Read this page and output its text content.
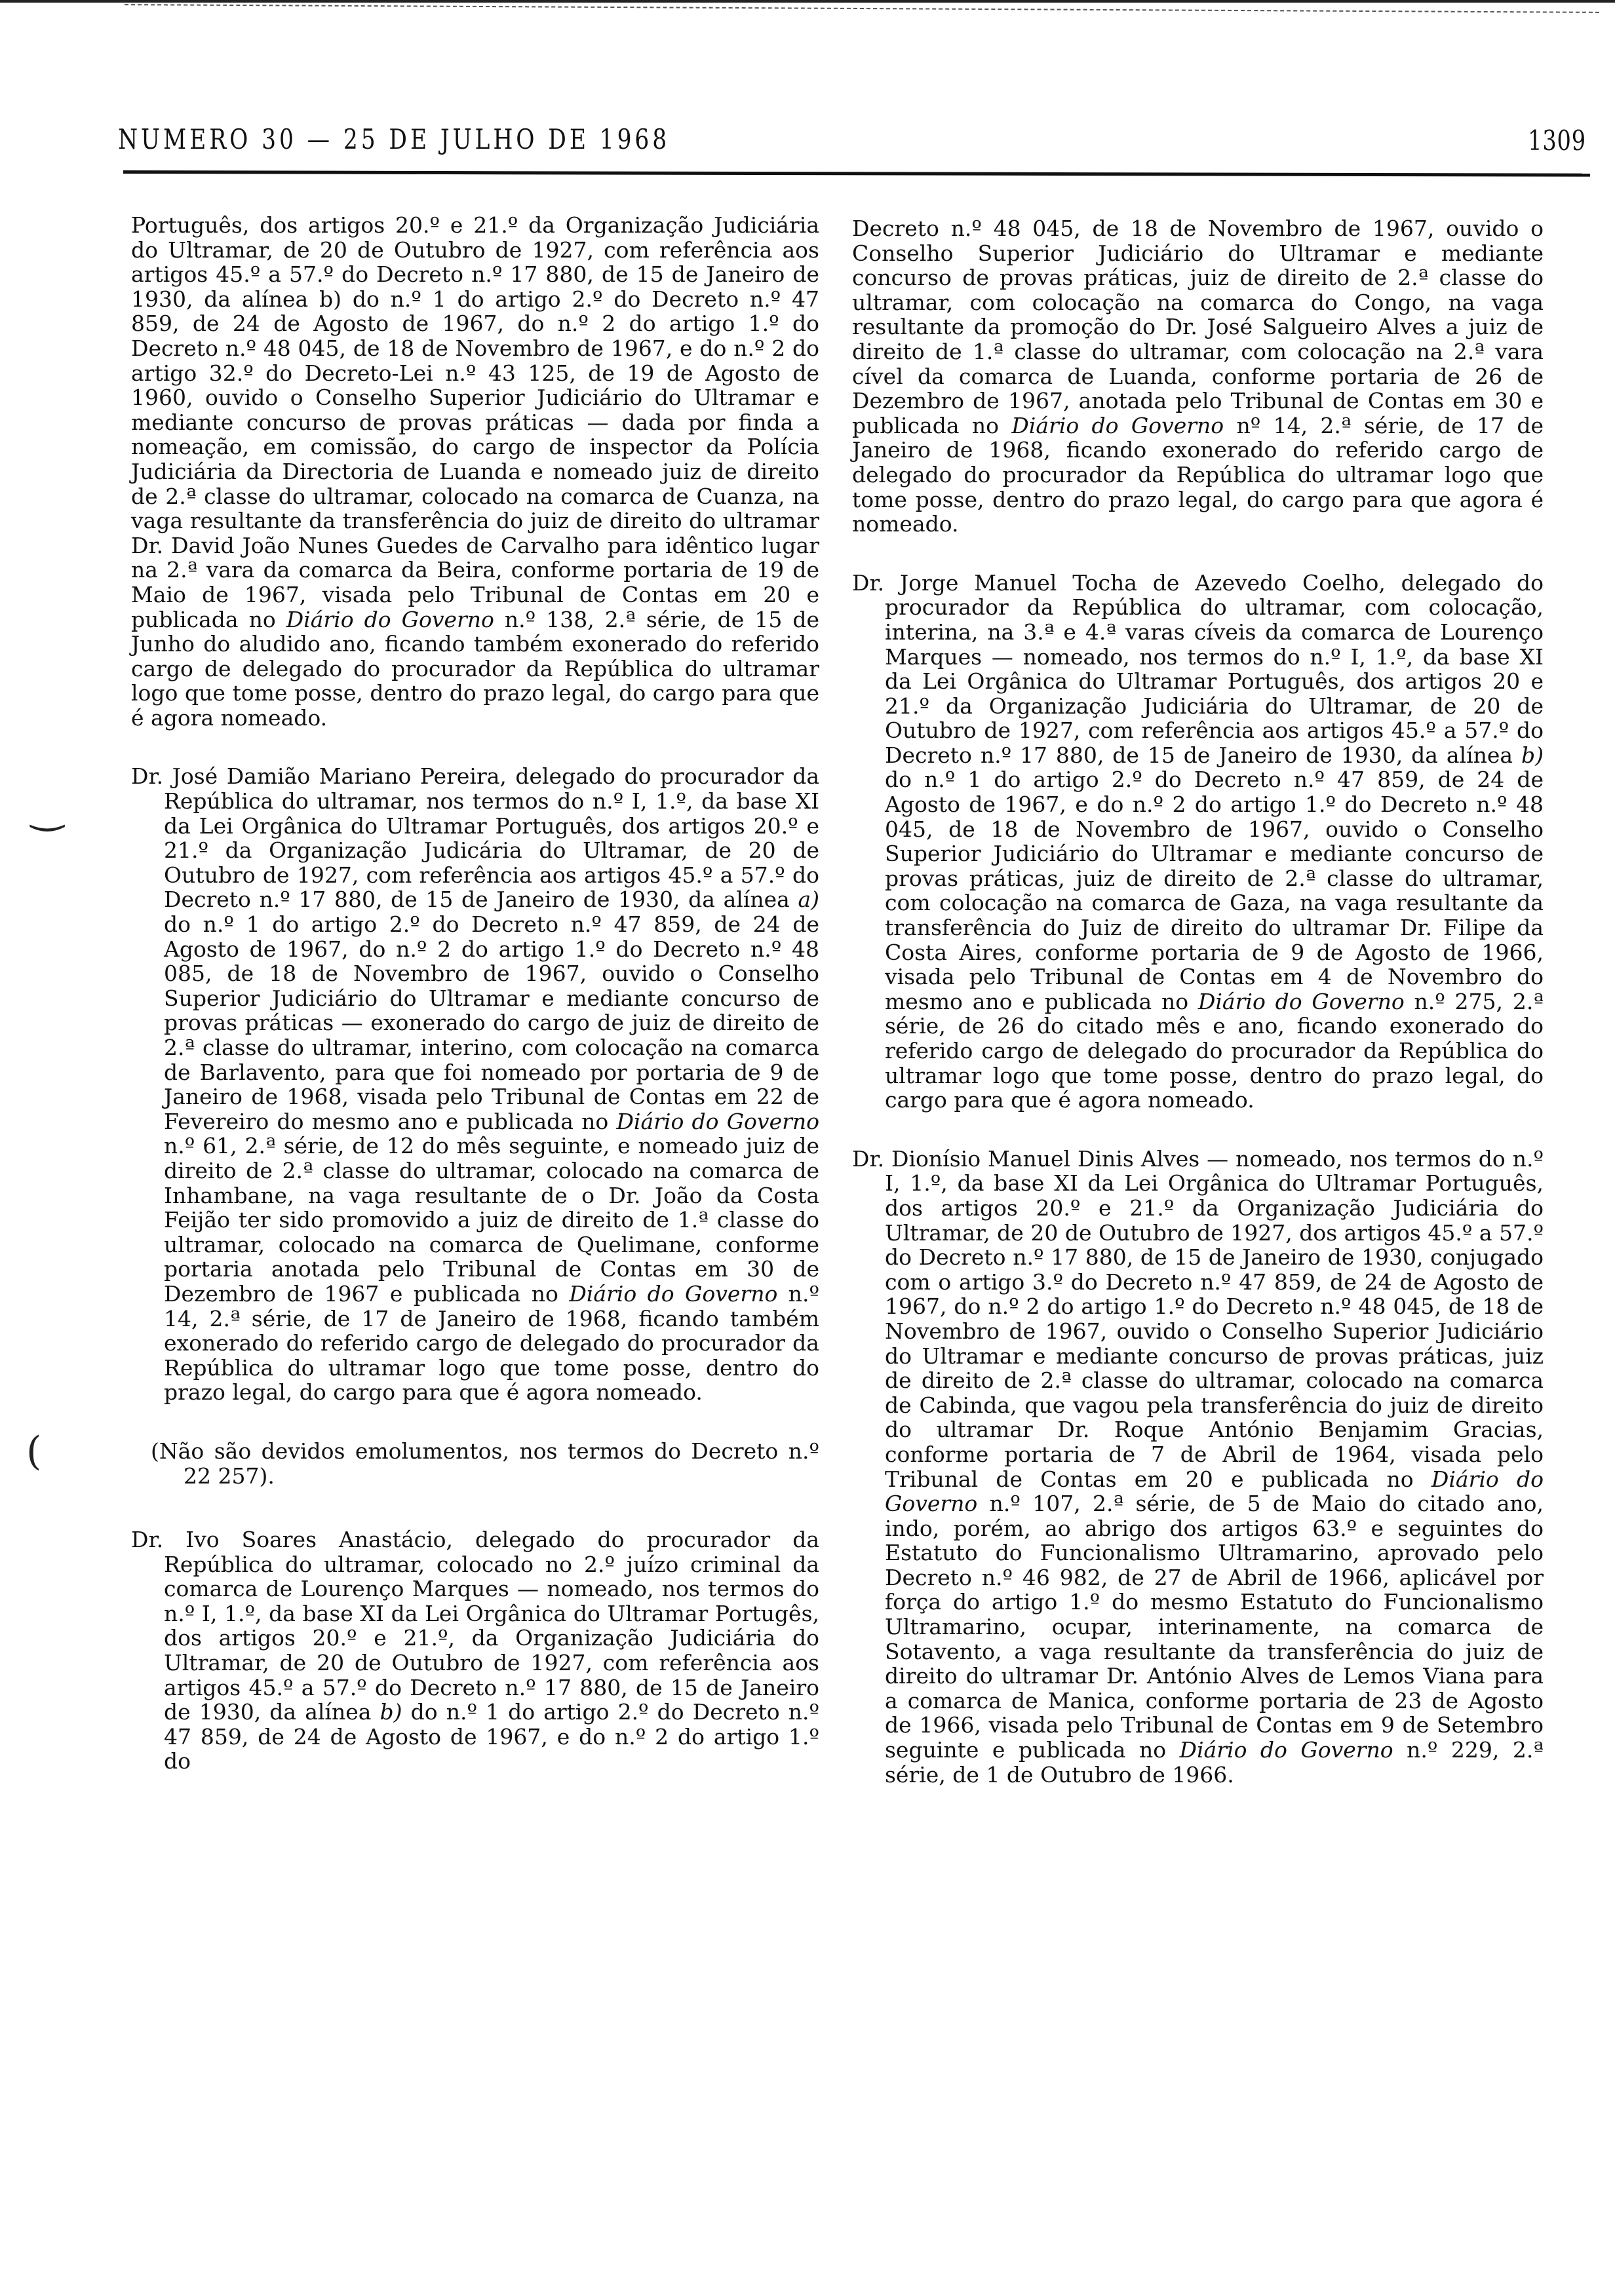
NUMERO 30 — 25 DE JULHO DE 1968	1309
‿
(

Português, dos artigos 20.º e 21.º da Organização Judiciária do Ultramar, de 20 de Outubro de 1927, com referência aos artigos 45.º a 57.º do Decreto n.º 17 880, de 15 de Janeiro de 1930, da alínea b) do n.º 1 do artigo 2.º do Decreto n.º 47 859, de 24 de Agosto de 1967, do n.º 2 do artigo 1.º do Decreto n.º 48 045, de 18 de Novembro de 1967, e do n.º 2 do artigo 32.º do Decreto-Lei n.º 43 125, de 19 de Agosto de 1960, ouvido o Conselho Superior Judiciário do Ultramar e mediante concurso de provas práticas — dada por finda a nomeação, em comissão, do cargo de inspector da Polícia Judiciária da Directoria de Luanda e nomeado juiz de direito de 2.ª classe do ultramar, colocado na comarca de Cuanza, na vaga resultante da transferência do juiz de direito do ultramar Dr. David João Nunes Guedes de Carvalho para idêntico lugar na 2.ª vara da comarca da Beira, conforme portaria de 19 de Maio de 1967, visada pelo Tribunal de Contas em 20 e publicada no Diário do Governo n.º 138, 2.ª série, de 15 de Junho do aludido ano, ficando também exonerado do referido cargo de delegado do procurador da República do ultramar logo que tome posse, dentro do prazo legal, do cargo para que é agora nomeado.

Dr. José Damião Mariano Pereira, delegado do procurador da República do ultramar, nos termos do n.º I, 1.º, da base XI da Lei Orgânica do Ultramar Português, dos artigos 20.º e 21.º da Organização Judicária do Ultramar, de 20 de Outubro de 1927, com referência aos artigos 45.º a 57.º do Decreto n.º 17 880, de 15 de Janeiro de 1930, da alínea a) do n.º 1 do artigo 2.º do Decreto n.º 47 859, de 24 de Agosto de 1967, do n.º 2 do artigo 1.º do Decreto n.º 48 085, de 18 de Novembro de 1967, ouvido o Conselho Superior Judiciário do Ultramar e mediante concurso de provas práticas — exonerado do cargo de juiz de direito de 2.ª classe do ultramar, interino, com colocação na comarca de Barlavento, para que foi nomeado por portaria de 9 de Janeiro de 1968, visada pelo Tribunal de Contas em 22 de Fevereiro do mesmo ano e publicada no Diário do Governo n.º 61, 2.ª série, de 12 do mês seguinte, e nomeado juiz de direito de 2.ª classe do ultramar, colocado na comarca de Inhambane, na vaga resultante de o Dr. João da Costa Feijão ter sido promovido a juiz de direito de 1.ª classe do ultramar, colocado na comarca de Quelimane, conforme portaria anotada pelo Tribunal de Contas em 30 de Dezembro de 1967 e publicada no Diário do Governo n.º 14, 2.ª série, de 17 de Janeiro de 1968, ficando também exonerado do referido cargo de delegado do procurador da República do ultramar logo que tome posse, dentro do prazo legal, do cargo para que é agora nomeado.

(Não são devidos emolumentos, nos termos do Decreto n.º 22 257).

Dr. Ivo Soares Anastácio, delegado do procurador da República do ultramar, colocado no 2.º juízo criminal da comarca de Lourenço Marques — nomeado, nos termos do n.º I, 1.º, da base XI da Lei Orgânica do Ultramar Portugês, dos artigos 20.º e 21.º, da Organização Judiciária do Ultramar, de 20 de Outubro de 1927, com referência aos artigos 45.º a 57.º do Decreto n.º 17 880, de 15 de Janeiro de 1930, da alínea b) do n.º 1 do artigo 2.º do Decreto n.º 47 859, de 24 de Agosto de 1967, e do n.º 2 do artigo 1.º do

Decreto n.º 48 045, de 18 de Novembro de 1967, ouvido o Conselho Superior Judiciário do Ultramar e mediante concurso de provas práticas, juiz de direito de 2.ª classe do ultramar, com colocação na comarca do Congo, na vaga resultante da promoção do Dr. José Salgueiro Alves a juiz de direito de 1.ª classe do ultramar, com colocação na 2.ª vara cível da comarca de Luanda, conforme portaria de 26 de Dezembro de 1967, anotada pelo Tribunal de Contas em 30 e publicada no Diário do Governo nº 14, 2.ª série, de 17 de Janeiro de 1968, ficando exonerado do referido cargo de delegado do procurador da República do ultramar logo que tome posse, dentro do prazo legal, do cargo para que agora é nomeado.

Dr. Jorge Manuel Tocha de Azevedo Coelho, delegado do procurador da República do ultramar, com colocação, interina, na 3.ª e 4.ª varas cíveis da comarca de Lourenço Marques — nomeado, nos termos do n.º I, 1.º, da base XI da Lei Orgânica do Ultramar Português, dos artigos 20 e 21.º da Organização Judiciária do Ultramar, de 20 de Outubro de 1927, com referência aos artigos 45.º a 57.º do Decreto n.º 17 880, de 15 de Janeiro de 1930, da alínea b) do n.º 1 do artigo 2.º do Decreto n.º 47 859, de 24 de Agosto de 1967, e do n.º 2 do artigo 1.º do Decreto n.º 48 045, de 18 de Novembro de 1967, ouvido o Conselho Superior Judiciário do Ultramar e mediante concurso de provas práticas, juiz de direito de 2.ª classe do ultramar, com colocação na comarca de Gaza, na vaga resultante da transferência do Juiz de direito do ultramar Dr. Filipe da Costa Aires, conforme portaria de 9 de Agosto de 1966, visada pelo Tribunal de Contas em 4 de Novembro do mesmo ano e publicada no Diário do Governo n.º 275, 2.ª série, de 26 do citado mês e ano, ficando exonerado do referido cargo de delegado do procurador da República do ultramar logo que tome posse, dentro do prazo legal, do cargo para que é agora nomeado.

Dr. Dionísio Manuel Dinis Alves — nomeado, nos termos do n.º I, 1.º, da base XI da Lei Orgânica do Ultramar Português, dos artigos 20.º e 21.º da Organização Judiciária do Ultramar, de 20 de Outubro de 1927, dos artigos 45.º a 57.º do Decreto n.º 17 880, de 15 de Janeiro de 1930, conjugado com o artigo 3.º do Decreto n.º 47 859, de 24 de Agosto de 1967, do n.º 2 do artigo 1.º do Decreto n.º 48 045, de 18 de Novembro de 1967, ouvido o Conselho Superior Judiciário do Ultramar e mediante concurso de provas práticas, juiz de direito de 2.ª classe do ultramar, colocado na comarca de Cabinda, que vagou pela transferência do juiz de direito do ultramar Dr. Roque António Benjamim Gracias, conforme portaria de 7 de Abril de 1964, visada pelo Tribunal de Contas em 20 e publicada no Diário do Governo n.º 107, 2.ª série, de 5 de Maio do citado ano, indo, porém, ao abrigo dos artigos 63.º e seguintes do Estatuto do Funcionalismo Ultramarino, aprovado pelo Decreto n.º 46 982, de 27 de Abril de 1966, aplicável por força do artigo 1.º do mesmo Estatuto do Funcionalismo Ultramarino, ocupar, interinamente, na comarca de Sotavento, a vaga resultante da transferência do juiz de direito do ultramar Dr. António Alves de Lemos Viana para a comarca de Manica, conforme portaria de 23 de Agosto de 1966, visada pelo Tribunal de Contas em 9 de Setembro seguinte e publicada no Diário do Governo n.º 229, 2.ª série, de 1 de Outubro de 1966.
